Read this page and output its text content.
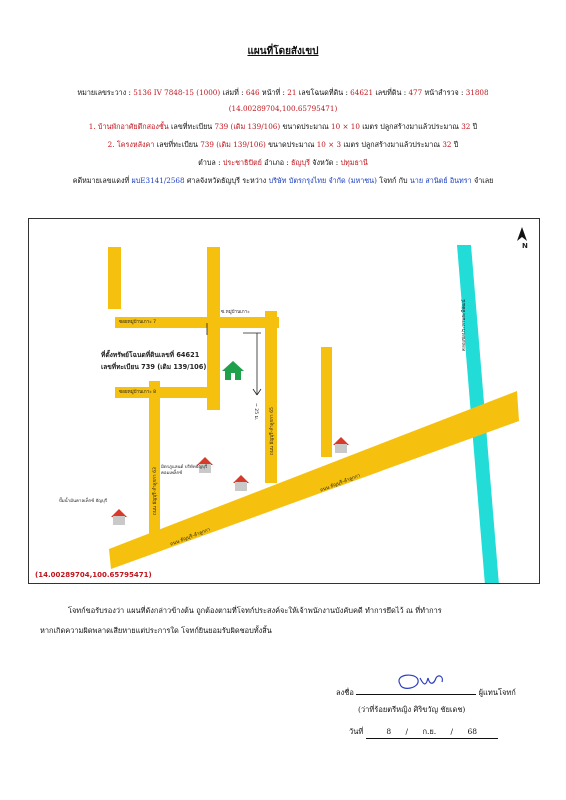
แผนที่โดยสังเขป
หมายเลขระวาง : 5136 IV 7848-15 (1000) เล่มที่ : 646 หน้าที่ : 21 เลขโฉนดที่ดิน : 64621 เลขที่ดิน : 477 หน้าสำรวจ : 31808
(14.00289704,100.65795471)
1. บ้านพักอาศัยตึกสองชั้น เลขที่ทะเบียน 739 (เดิม 139/106) ขนาดประมาณ 10 × 10 เมตร ปลูกสร้างมาแล้วประมาณ 32 ปี
2. โครงหลังคา เลขที่ทะเบียน 739 (เดิม 139/106) ขนาดประมาณ 10 × 3 เมตร ปลูกสร้างมาแล้วประมาณ 32 ปี
ตำบล : ประชาธิปัตย์ อำเภอ : ธัญบุรี จังหวัด : ปทุมธานี
คดีหมายเลขแดงที่ ผบE3141/2568 ศาลจังหวัดธัญบุรี ระหว่าง บริษัท บัตรกรุงไทย จำกัด (มหาชน) โจทก์ กับ นาย สานิตย์ อินทรา จำเลย
N
ที่ตั้งทรัพย์โฉนดที่ดินเลขที่ 64621
เลขที่ทะเบียน 739 (เดิม 139/106)
ซอยหมู่บ้านเกาะ 7
ซอยหมู่บ้านเกาะ 8
ซ.หมู่บ้านเกาะ
ถนน ธัญบุรี-ลำลูกกา 65
ถนน ธัญบุรี-ลำลูกกา 63
~ 25 ม.
คลองชลประทานระพีพัฒน์
ถนน ธัญบุรี-ลำลูกกา
ถนน ธัญบุรี-ลำลูกกา
มิตรภูแลนด์ บริษัทธัญบุรี คอมเพล็กซ์
ปั๊มน้ำมันคาลเท็กซ์ ธัญบุรี
(14.00289704,100.65795471)
โจทก์ขอรับรองว่า แผนที่ดังกล่าวข้างต้น ถูกต้องตามที่โจทก์ประสงค์จะให้เจ้าพนักงานบังคับคดี ทำการยึดไว้ ณ ที่ทำการ
หากเกิดความผิดพลาดเสียหายแต่ประการใด โจทก์ยินยอมรับผิดชอบทั้งสิ้น
ลงชื่อ	ผู้แทนโจทก์
(ว่าที่ร้อยตรีหญิง ศิริขวัญ ชัยเดช)
วันที่	8 / ก.ย. / 68
